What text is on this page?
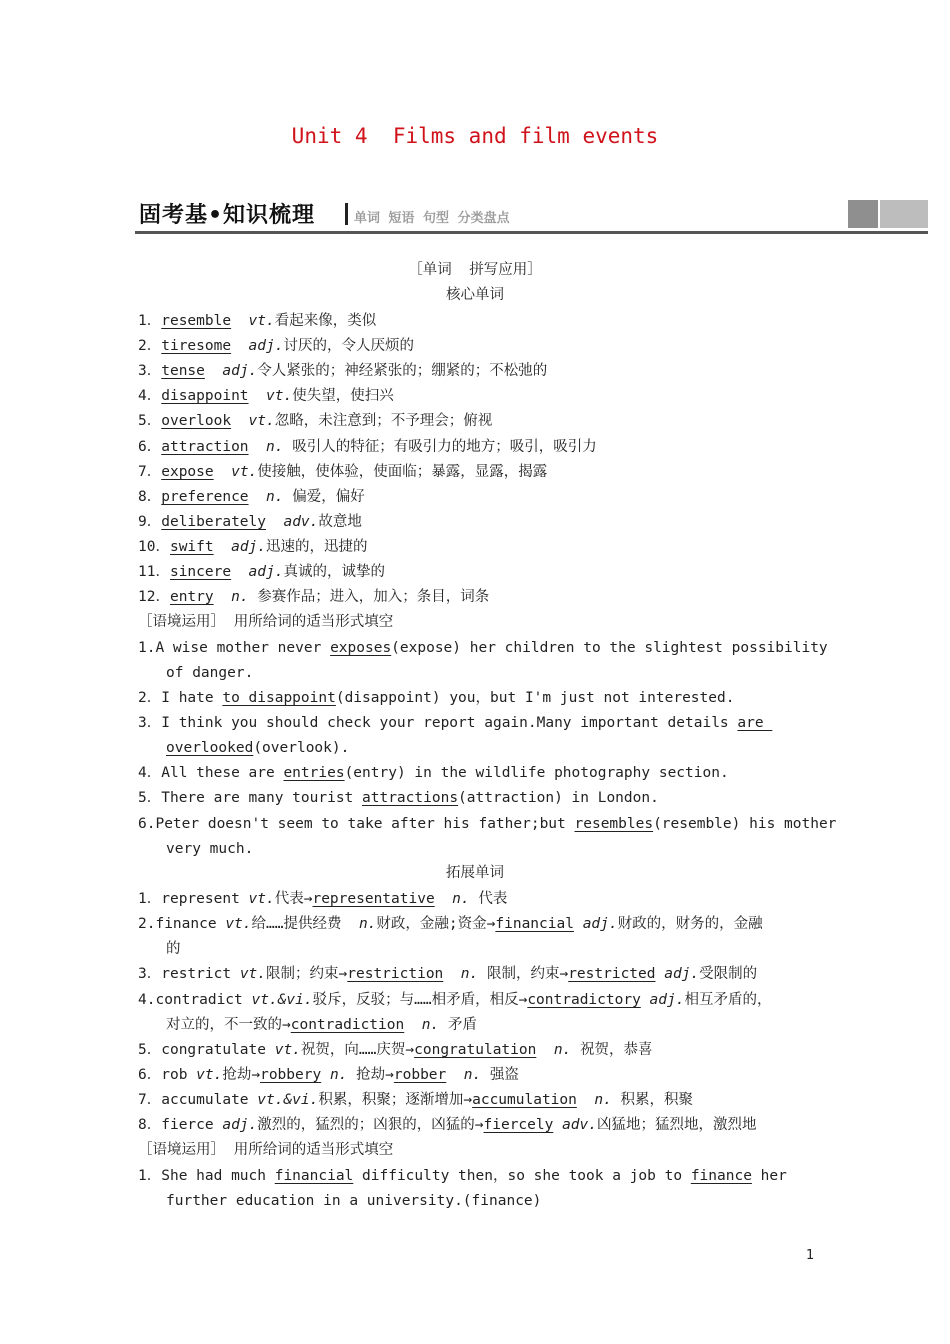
Unit 4  Films and film events
固考基•知识梳理	单词 短语 句型 分类盘点
［单词  拼写应用］
核心单词
1．resemble vt.看起来像，类似
2．tiresome adj.讨厌的，令人厌烦的
3．tense adj.令人紧张的；神经紧张的；绷紧的；不松弛的
4．disappoint vt.使失望，使扫兴
5．overlook vt.忽略，未注意到；不予理会；俯视
6．attraction n. 吸引人的特征；有吸引力的地方；吸引，吸引力
7．expose vt.使接触，使体验，使面临；暴露，显露，揭露
8．preference n. 偏爱，偏好
9．deliberately adv.故意地
10．swift adj.迅速的，迅捷的
11．sincere adj.真诚的，诚挚的
12．entry n. 参赛作品；进入，加入；条目，词条
［语境运用］ 用所给词的适当形式填空
1.A wise mother never exposes(expose) her children to the slightest possibility
of danger.
2．I hate to disappoint(disappoint) you，but I'm just not interested.
3．I think you should check your report again.Many important details are
overlooked(overlook).
4．All these are entries(entry) in the wildlife photography section.
5．There are many tourist attractions(attraction) in London.
6.Peter doesn't seem to take after his father;but resembles(resemble) his mother
very much.
拓展单词
1．represent vt.代表→representative n. 代表
2.finance vt.给……提供经费  n.财政，金融;资金→financial adj.财政的，财务的，金融
的
3．restrict vt.限制；约束→restriction n. 限制，约束→restricted adj.受限制的
4.contradict vt.&vi.驳斥，反驳；与……相矛盾，相反→contradictory adj.相互矛盾的，
对立的，不一致的→contradiction n. 矛盾
5．congratulate vt.祝贺，向……庆贺→congratulation n. 祝贺，恭喜
6．rob vt.抢劫→robbery n. 抢劫→robber n. 强盗
7．accumulate vt.&vi.积累，积聚；逐渐增加→accumulation n. 积累，积聚
8．fierce adj.激烈的，猛烈的；凶狠的，凶猛的→fiercely adv.凶猛地；猛烈地，激烈地
［语境运用］ 用所给词的适当形式填空
1．She had much financial difficulty then，so she took a job to finance her
further education in a university.(finance)
1
